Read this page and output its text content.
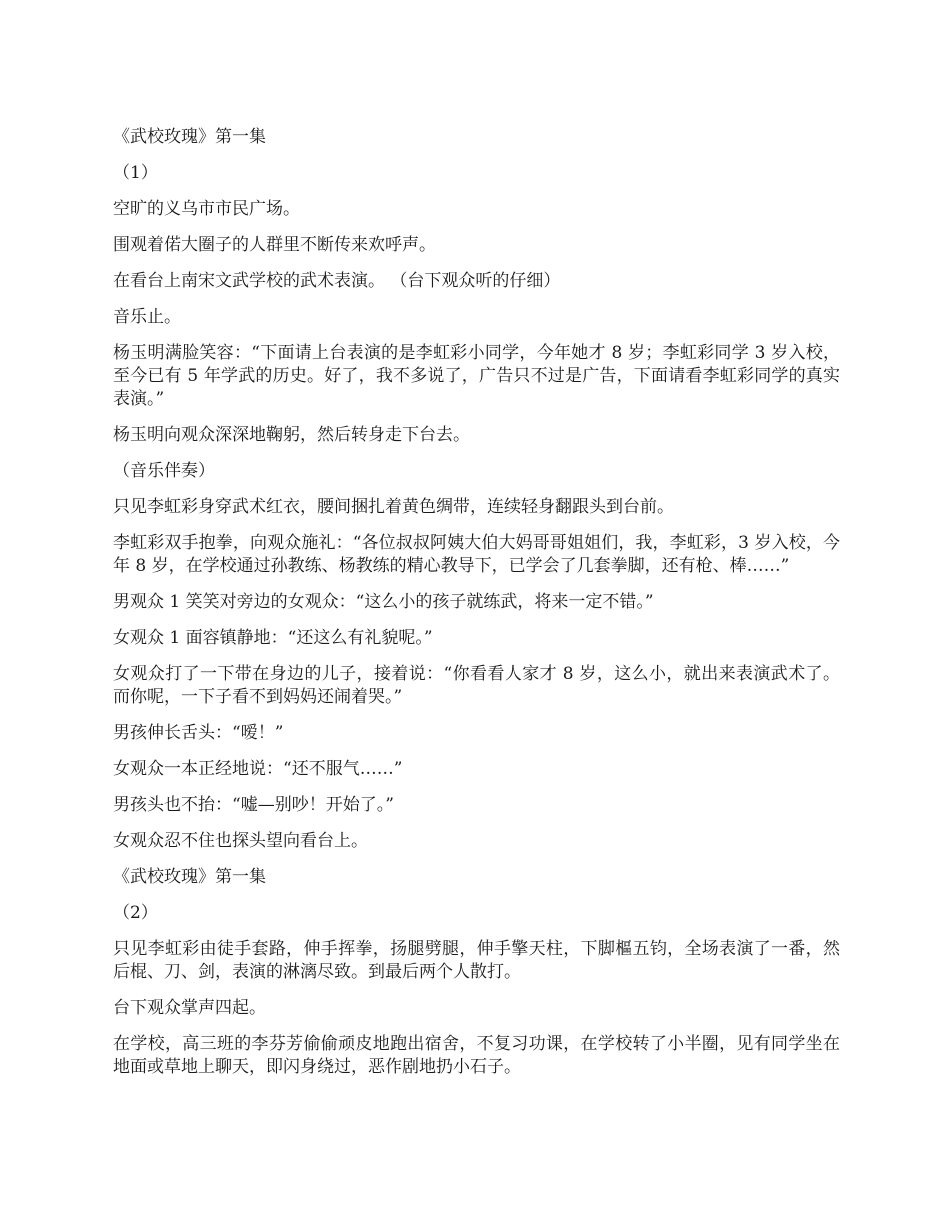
《武校玫瑰》第一集

（1）

空旷的义乌市市民广场。

围观着偌大圈子的人群里不断传来欢呼声。

在看台上南宋文武学校的武术表演。 （台下观众听的仔细）

音乐止。

杨玉明满脸笑容：“下面请上台表演的是李虹彩小同学，今年她才 8 岁；李虹彩同学 3 岁入校，至今已有 5 年学武的历史。好了，我不多说了，广告只不过是广告，下面请看李虹彩同学的真实表演。”

杨玉明向观众深深地鞠躬，然后转身走下台去。

（音乐伴奏）

只见李虹彩身穿武术红衣，腰间捆扎着黄色绸带，连续轻身翻跟头到台前。

李虹彩双手抱拳，向观众施礼：“各位叔叔阿姨大伯大妈哥哥姐姐们，我，李虹彩，3 岁入校，今年 8 岁，在学校通过孙教练、杨教练的精心教导下，已学会了几套拳脚，还有枪、棒……”

男观众 1 笑笑对旁边的女观众：“这么小的孩子就练武，将来一定不错。”

女观众 1 面容镇静地：“还这么有礼貌呢。”

女观众打了一下带在身边的儿子，接着说：“你看看人家才 8 岁，这么小，就出来表演武术了。而你呢，一下子看不到妈妈还闹着哭。”

男孩伸长舌头：“嗳！”

女观众一本正经地说：“还不服气……”

男孩头也不抬：“嘘—别吵！开始了。”

女观众忍不住也探头望向看台上。

《武校玫瑰》第一集

（2）

只见李虹彩由徒手套路，伸手挥拳，扬腿劈腿，伸手擎天柱，下脚樞五钧，全场表演了一番，然后棍、刀、剑，表演的淋漓尽致。到最后两个人散打。

台下观众掌声四起。

在学校，高三班的李芬芳偷偷顽皮地跑出宿舍，不复习功课，在学校转了小半圈，见有同学坐在地面或草地上聊天，即闪身绕过，恶作剧地扔小石子。
